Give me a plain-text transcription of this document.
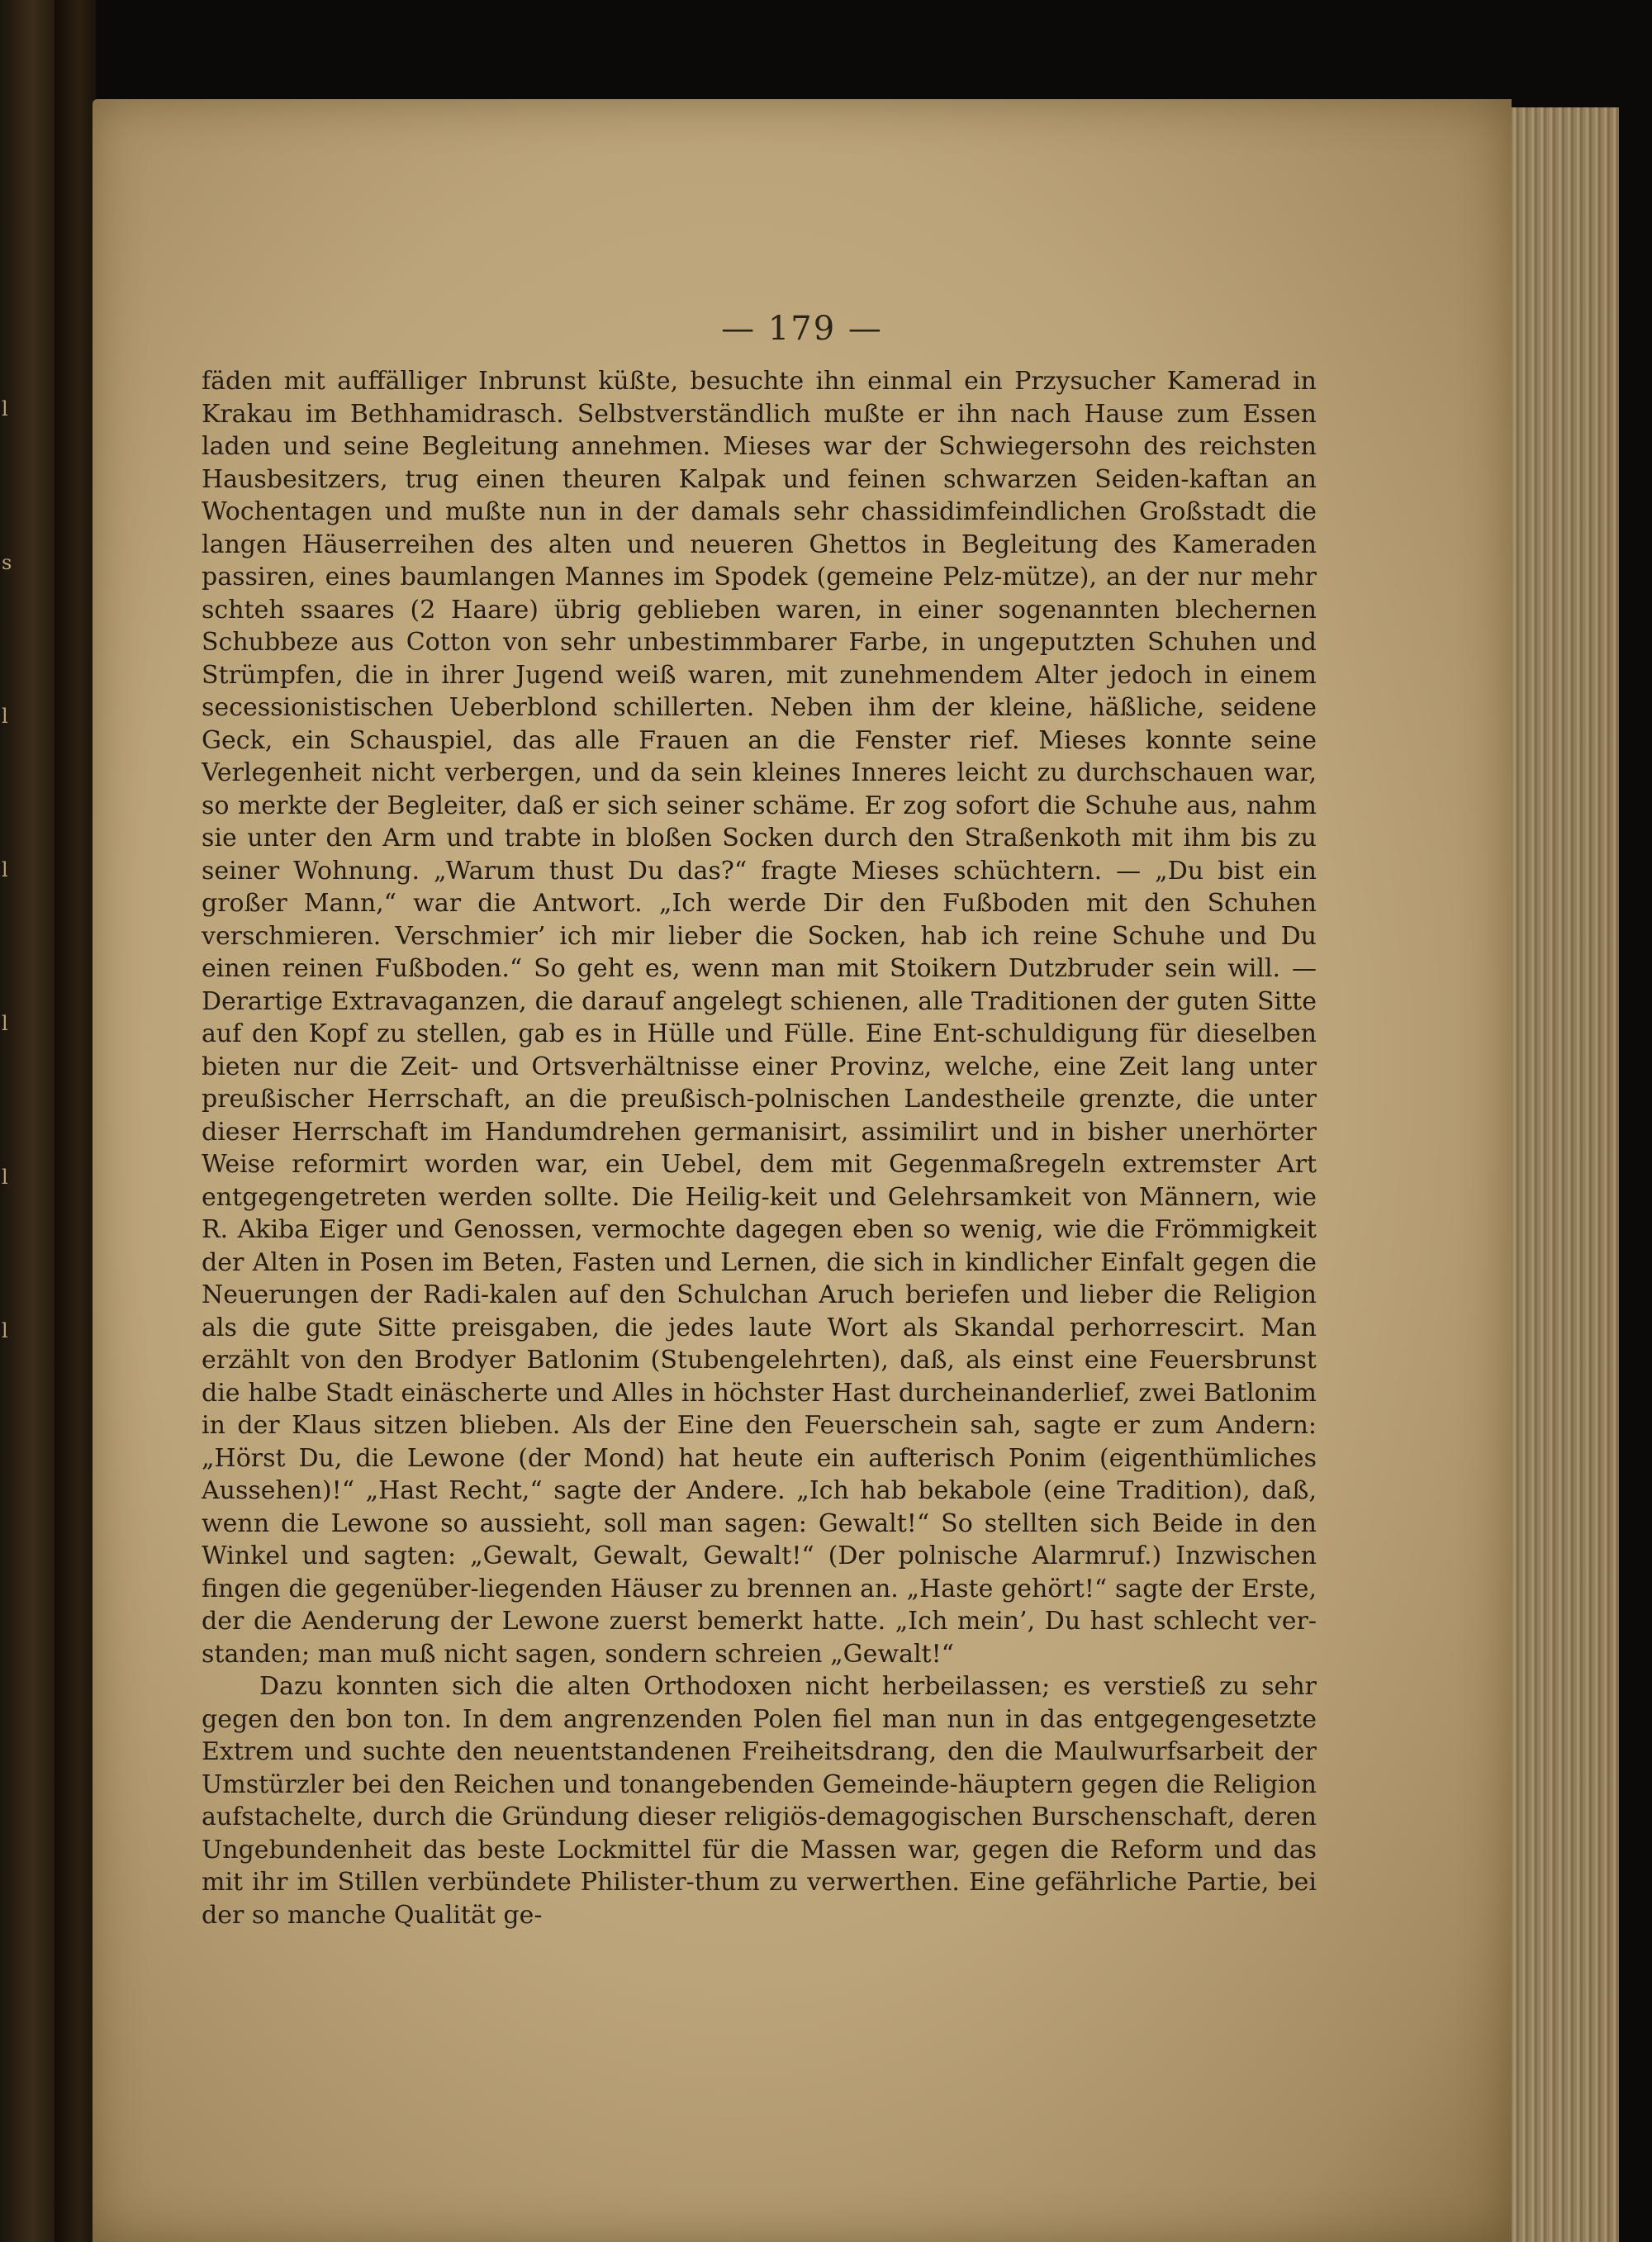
l

s

l

l

l

l

l

— 179 —

fäden mit auffälliger Inbrunst küßte, besuchte ihn einmal ein Przysucher Kamerad in Krakau im Bethhamidrasch. Selbstverständlich mußte er ihn nach Hause zum Essen laden und seine Begleitung annehmen. Mieses war der Schwiegersohn des reichsten Hausbesitzers, trug einen theuren Kalpak und feinen schwarzen Seiden-kaftan an Wochentagen und mußte nun in der damals sehr chassidimfeindlichen Großstadt die langen Häuserreihen des alten und neueren Ghettos in Begleitung des Kameraden passiren, eines baumlangen Mannes im Spodek (gemeine Pelz-mütze), an der nur mehr schteh ssaares (2 Haare) übrig geblieben waren, in einer sogenannten blechernen Schubbeze aus Cotton von sehr unbestimmbarer Farbe, in ungeputzten Schuhen und Strümpfen, die in ihrer Jugend weiß waren, mit zunehmendem Alter jedoch in einem secessionistischen Ueberblond schillerten. Neben ihm der kleine, häßliche, seidene Geck, ein Schauspiel, das alle Frauen an die Fenster rief. Mieses konnte seine Verlegenheit nicht verbergen, und da sein kleines Inneres leicht zu durchschauen war, so merkte der Begleiter, daß er sich seiner schäme. Er zog sofort die Schuhe aus, nahm sie unter den Arm und trabte in bloßen Socken durch den Straßenkoth mit ihm bis zu seiner Wohnung. „Warum thust Du das?“ fragte Mieses schüchtern. — „Du bist ein großer Mann,“ war die Antwort. „Ich werde Dir den Fußboden mit den Schuhen verschmieren. Verschmier’ ich mir lieber die Socken, hab ich reine Schuhe und Du einen reinen Fußboden.“ So geht es, wenn man mit Stoikern Dutzbruder sein will. — Derartige Extravaganzen, die darauf angelegt schienen, alle Traditionen der guten Sitte auf den Kopf zu stellen, gab es in Hülle und Fülle. Eine Ent-schuldigung für dieselben bieten nur die Zeit- und Ortsverhältnisse einer Provinz, welche, eine Zeit lang unter preußischer Herrschaft, an die preußisch-polnischen Landestheile grenzte, die unter dieser Herrschaft im Handumdrehen germanisirt, assimilirt und in bisher unerhörter Weise reformirt worden war, ein Uebel, dem mit Gegenmaßregeln extremster Art entgegengetreten werden sollte. Die Heilig-keit und Gelehrsamkeit von Männern, wie R. Akiba Eiger und Genossen, vermochte dagegen eben so wenig, wie die Frömmigkeit der Alten in Posen im Beten, Fasten und Lernen, die sich in kindlicher Einfalt gegen die Neuerungen der Radi-kalen auf den Schulchan Aruch beriefen und lieber die Religion als die gute Sitte preisgaben, die jedes laute Wort als Skandal perhorrescirt. Man erzählt von den Brodyer Batlonim (Stubengelehrten), daß, als einst eine Feuersbrunst die halbe Stadt einäscherte und Alles in höchster Hast durcheinanderlief, zwei Batlonim in der Klaus sitzen blieben. Als der Eine den Feuerschein sah, sagte er zum Andern: „Hörst Du, die Lewone (der Mond) hat heute ein aufterisch Ponim (eigenthümliches Aussehen)!“ „Hast Recht,“ sagte der Andere. „Ich hab bekabole (eine Tradition), daß, wenn die Lewone so aussieht, soll man sagen: Gewalt!“ So stellten sich Beide in den Winkel und sagten: „Gewalt, Gewalt, Gewalt!“ (Der polnische Alarmruf.) Inzwischen fingen die gegenüber-liegenden Häuser zu brennen an. „Haste gehört!“ sagte der Erste, der die Aenderung der Lewone zuerst bemerkt hatte. „Ich mein’, Du hast schlecht ver-standen; man muß nicht sagen, sondern schreien „Gewalt!“

Dazu konnten sich die alten Orthodoxen nicht herbeilassen; es verstieß zu sehr gegen den bon ton. In dem angrenzenden Polen fiel man nun in das entgegengesetzte Extrem und suchte den neuentstandenen Freiheitsdrang, den die Maulwurfsarbeit der Umstürzler bei den Reichen und tonangebenden Gemeinde-häuptern gegen die Religion aufstachelte, durch die Gründung dieser religiös-demagogischen Burschenschaft, deren Ungebundenheit das beste Lockmittel für die Massen war, gegen die Reform und das mit ihr im Stillen verbündete Philister-thum zu verwerthen. Eine gefährliche Partie, bei der so manche Qualität ge-
